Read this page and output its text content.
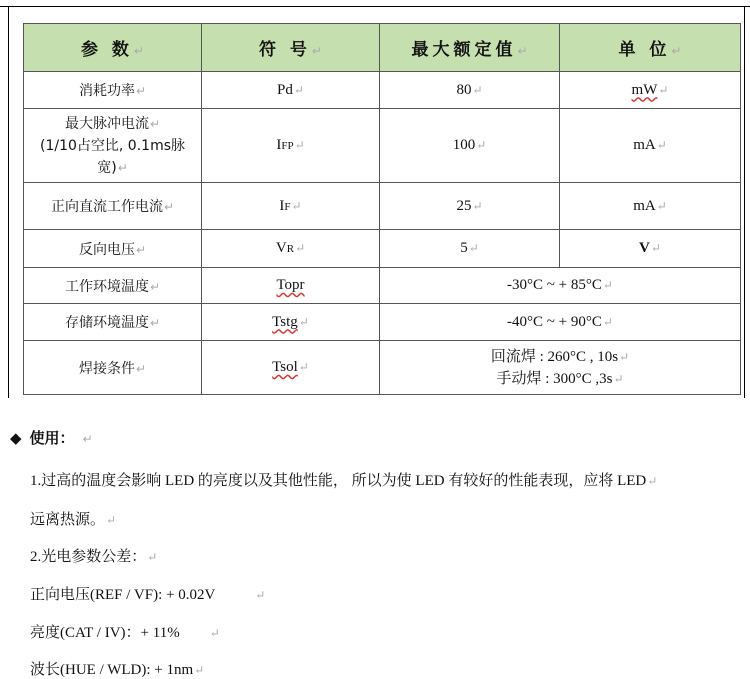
参 数↵	符 号↵	最大额定值↵	单 位↵
消耗功率↵	Pd↵	80↵	mW↵
最大脉冲电流↵
(1/10占空比, 0.1ms脉
宽)↵	IFP↵	100↵	mA↵
正向直流工作电流↵	IF↵	25↵	mA↵
反向电压↵	VR↵	5↵	V↵
工作环境温度↵	Topr	-30°C ~ + 85°C↵	
存储环境温度↵	Tstg↵	-40°C ~ + 90°C↵	
焊接条件↵	Tsol↵	回流焊 : 260°C , 10s↵
手动焊 : 300°C ,3s↵	
◆ 使用： ↵
1.过高的温度会影响 LED 的亮度以及其他性能， 所以为使 LED 有较好的性能表现，应将 LED↵
远离热源。↵
2.光电参数公差：↵
正向电压(REF / VF): + 0.02V	↵
亮度(CAT / IV)：+ 11%	↵
波长(HUE / WLD): + 1nm↵
